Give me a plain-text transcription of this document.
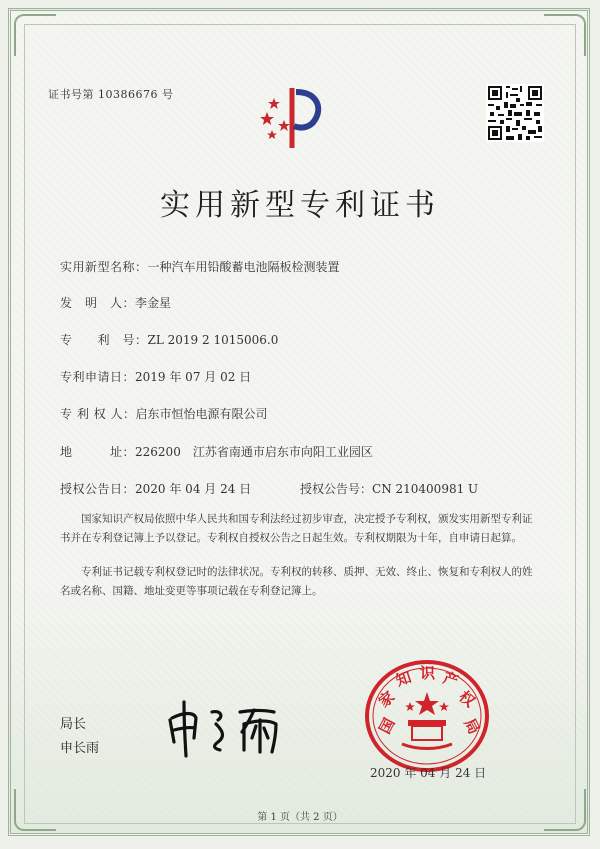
证书号第 10386676 号
实用新型专利证书
实用新型名称：一种汽车用铅酸蓄电池隔板检测装置
发　明　人：李金星
专　　利　号：ZL 2019 2 1015006.0
专利申请日：2019 年 07 月 02 日
专 利 权 人：启东市恒怡电源有限公司
地　　　址：226200　江苏省南通市启东市向阳工业园区
授权公告日：2020 年 04 月 24 日	授权公告号：CN 210400981 U
国家知识产权局依照中华人民共和国专利法经过初步审查，决定授予专利权，颁发实用新型专利证书并在专利登记簿上予以登记。专利权自授权公告之日起生效。专利权期限为十年，自申请日起算。
专利证书记载专利权登记时的法律状况。专利权的转移、质押、无效、终止、恢复和专利权人的姓名或名称、国籍、地址变更等事项记载在专利登记簿上。
局长
申长雨
国
家
知 识 产
权
局
2020 年 04 月 24 日
第 1 页（共 2 页）
